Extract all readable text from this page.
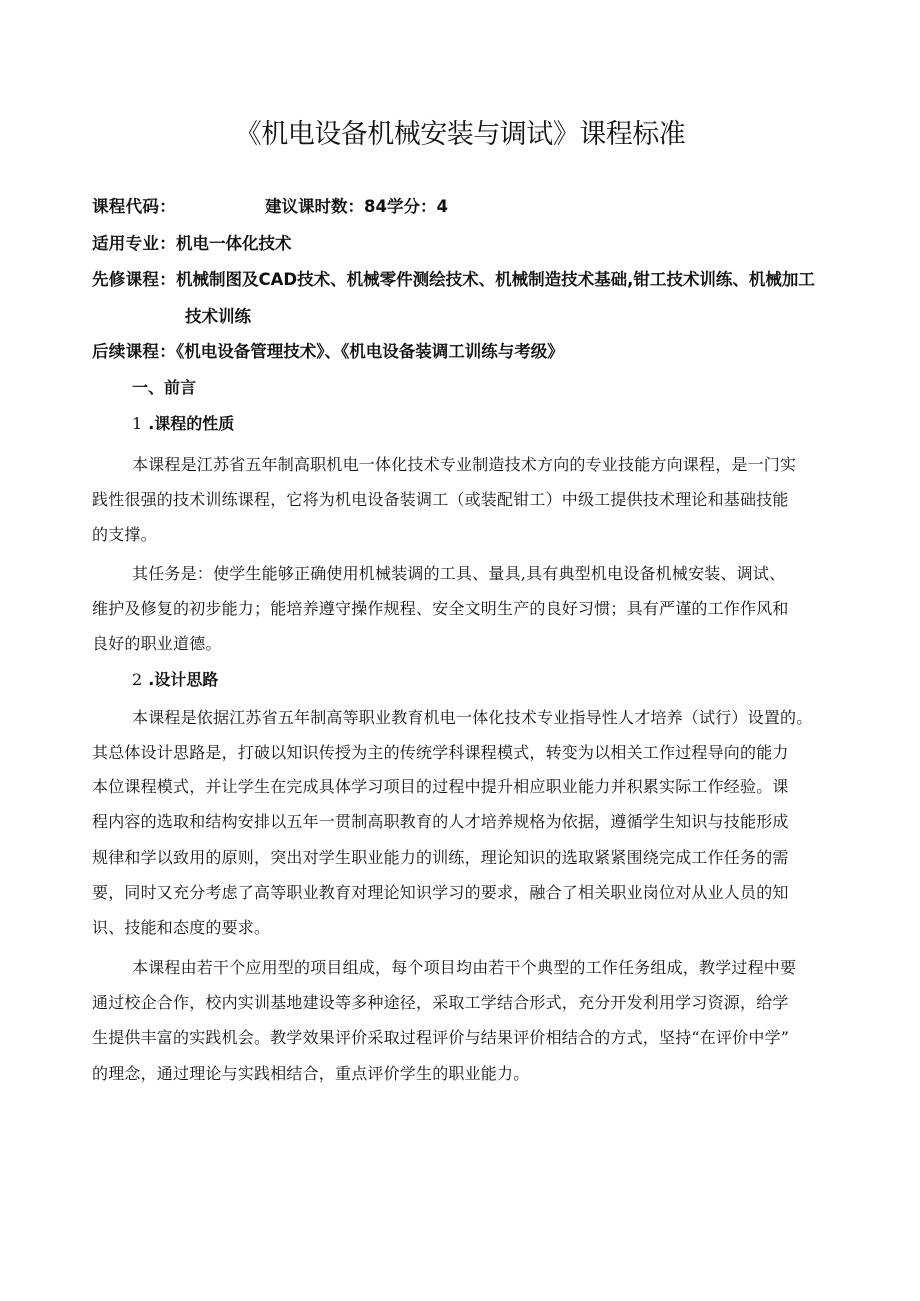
《机电设备机械安装与调试》课程标准
课程代码：	建议课时数：84学分：4
适用专业：机电一体化技术
先修课程：机械制图及CAD技术、机械零件测绘技术、机械制造技术基础,钳工技术训练、机械加工
技术训练
后续课程：《机电设备管理技术》、《机电设备装调工训练与考级》
一、前言
1.课程的性质
本课程是江苏省五年制高职机电一体化技术专业制造技术方向的专业技能方向课程，是一门实
践性很强的技术训练课程，它将为机电设备装调工（或装配钳工）中级工提供技术理论和基础技能
的支撑。
其任务是：使学生能够正确使用机械装调的工具、量具,具有典型机电设备机械安装、调试、
维护及修复的初步能力；能培养遵守操作规程、安全文明生产的良好习惯；具有严谨的工作作风和
良好的职业道德。
2.设计思路
本课程是依据江苏省五年制高等职业教育机电一体化技术专业指导性人才培养（试行）设置的。
其总体设计思路是，打破以知识传授为主的传统学科课程模式，转变为以相关工作过程导向的能力
本位课程模式，并让学生在完成具体学习项目的过程中提升相应职业能力并积累实际工作经验。课
程内容的选取和结构安排以五年一贯制高职教育的人才培养规格为依据，遵循学生知识与技能形成
规律和学以致用的原则，突出对学生职业能力的训练，理论知识的选取紧紧围绕完成工作任务的需
要，同时又充分考虑了高等职业教育对理论知识学习的要求，融合了相关职业岗位对从业人员的知
识、技能和态度的要求。
本课程由若干个应用型的项目组成，每个项目均由若干个典型的工作任务组成，教学过程中要
通过校企合作，校内实训基地建设等多种途径，采取工学结合形式，充分开发利用学习资源，给学
生提供丰富的实践机会。教学效果评价采取过程评价与结果评价相结合的方式，坚持“在评价中学”
的理念，通过理论与实践相结合，重点评价学生的职业能力。
